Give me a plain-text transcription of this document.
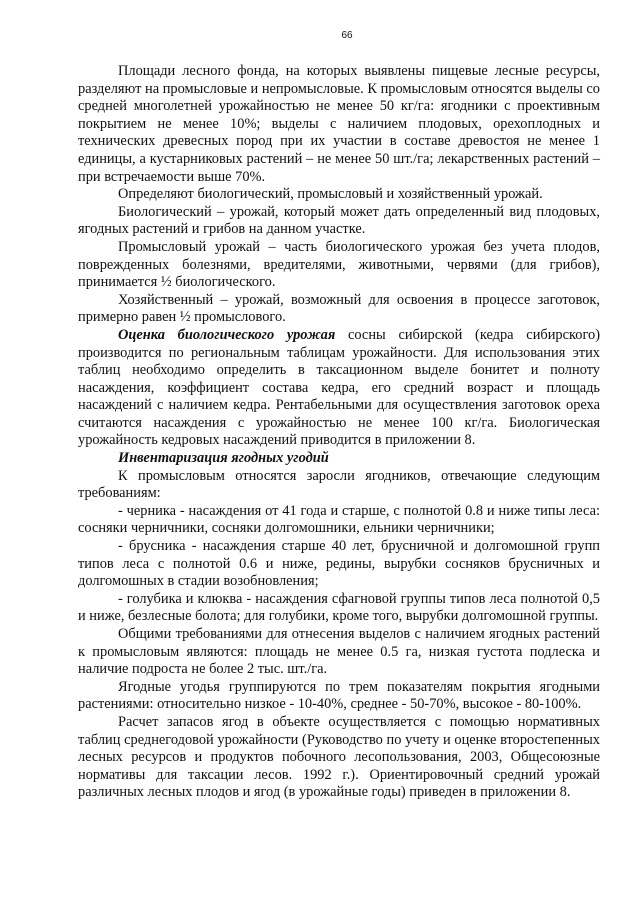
66

Площади лесного фонда, на которых выявлены пищевые лесные ресурсы, разделяют на промысловые и непромысловые. К промысловым относятся выделы со средней многолетней урожайностью не менее 50 кг/га: ягодники с проективным покрытием не менее 10%; выделы с наличием плодовых, орехоплодных и технических древесных пород при их участии в составе древостоя не менее 1 единицы, а кустарниковых растений – не менее 50 шт./га; лекарственных растений – при встречаемости выше 70%.

Определяют биологический, промысловый и хозяйственный урожай.

Биологический – урожай, который может дать определенный вид плодовых, ягодных растений и грибов на данном участке.

Промысловый урожай – часть биологического урожая без учета плодов, поврежденных болезнями, вредителями, животными, червями (для грибов), принимается ½ биологического.

Хозяйственный – урожай, возможный для освоения в процессе заготовок, примерно равен ½ промыслового.

Оценка биологического урожая сосны сибирской (кедра сибирского) производится по региональным таблицам урожайности. Для использования этих таблиц необходимо определить в таксационном выделе бонитет и полноту насаждения, коэффициент состава кедра, его средний возраст и площадь насаждений с наличием кедра. Рентабельными для осуществления заготовок ореха считаются насаждения с урожайностью не менее 100 кг/га. Биологическая урожайность кедровых насаждений приводится в приложении 8.

Инвентаризация ягодных угодий

К промысловым относятся заросли ягодников, отвечающие следующим требованиям:

- черника - насаждения от 41 года и старше, с полнотой 0.8 и ниже типы леса: сосняки черничники, сосняки долгомошники, ельники черничники;

- брусника - насаждения старше 40 лет, брусничной и долгомошной групп типов леса с полнотой 0.6 и ниже, редины, вырубки сосняков брусничных и долгомошных в стадии возобновления;

- голубика и клюква - насаждения сфагновой группы типов леса полнотой 0,5 и ниже, безлесные болота; для голубики, кроме того, вырубки долгомошной группы.

Общими требованиями для отнесения выделов с наличием ягодных растений к промысловым являются: площадь не менее 0.5 га, низкая густота подлеска и наличие подроста не более 2 тыс. шт./га.

Ягодные угодья группируются по трем показателям покрытия ягодными растениями: относительно низкое - 10-40%, среднее - 50-70%, высокое - 80-100%.

Расчет запасов ягод в объекте осуществляется с помощью нормативных таблиц среднегодовой урожайности (Руководство по учету и оценке второстепенных лесных ресурсов и продуктов побочного лесопользования, 2003, Общесоюзные нормативы для таксации лесов. 1992 г.). Ориентировочный средний урожай различных лесных плодов и ягод (в урожайные годы) приведен в приложении 8.
